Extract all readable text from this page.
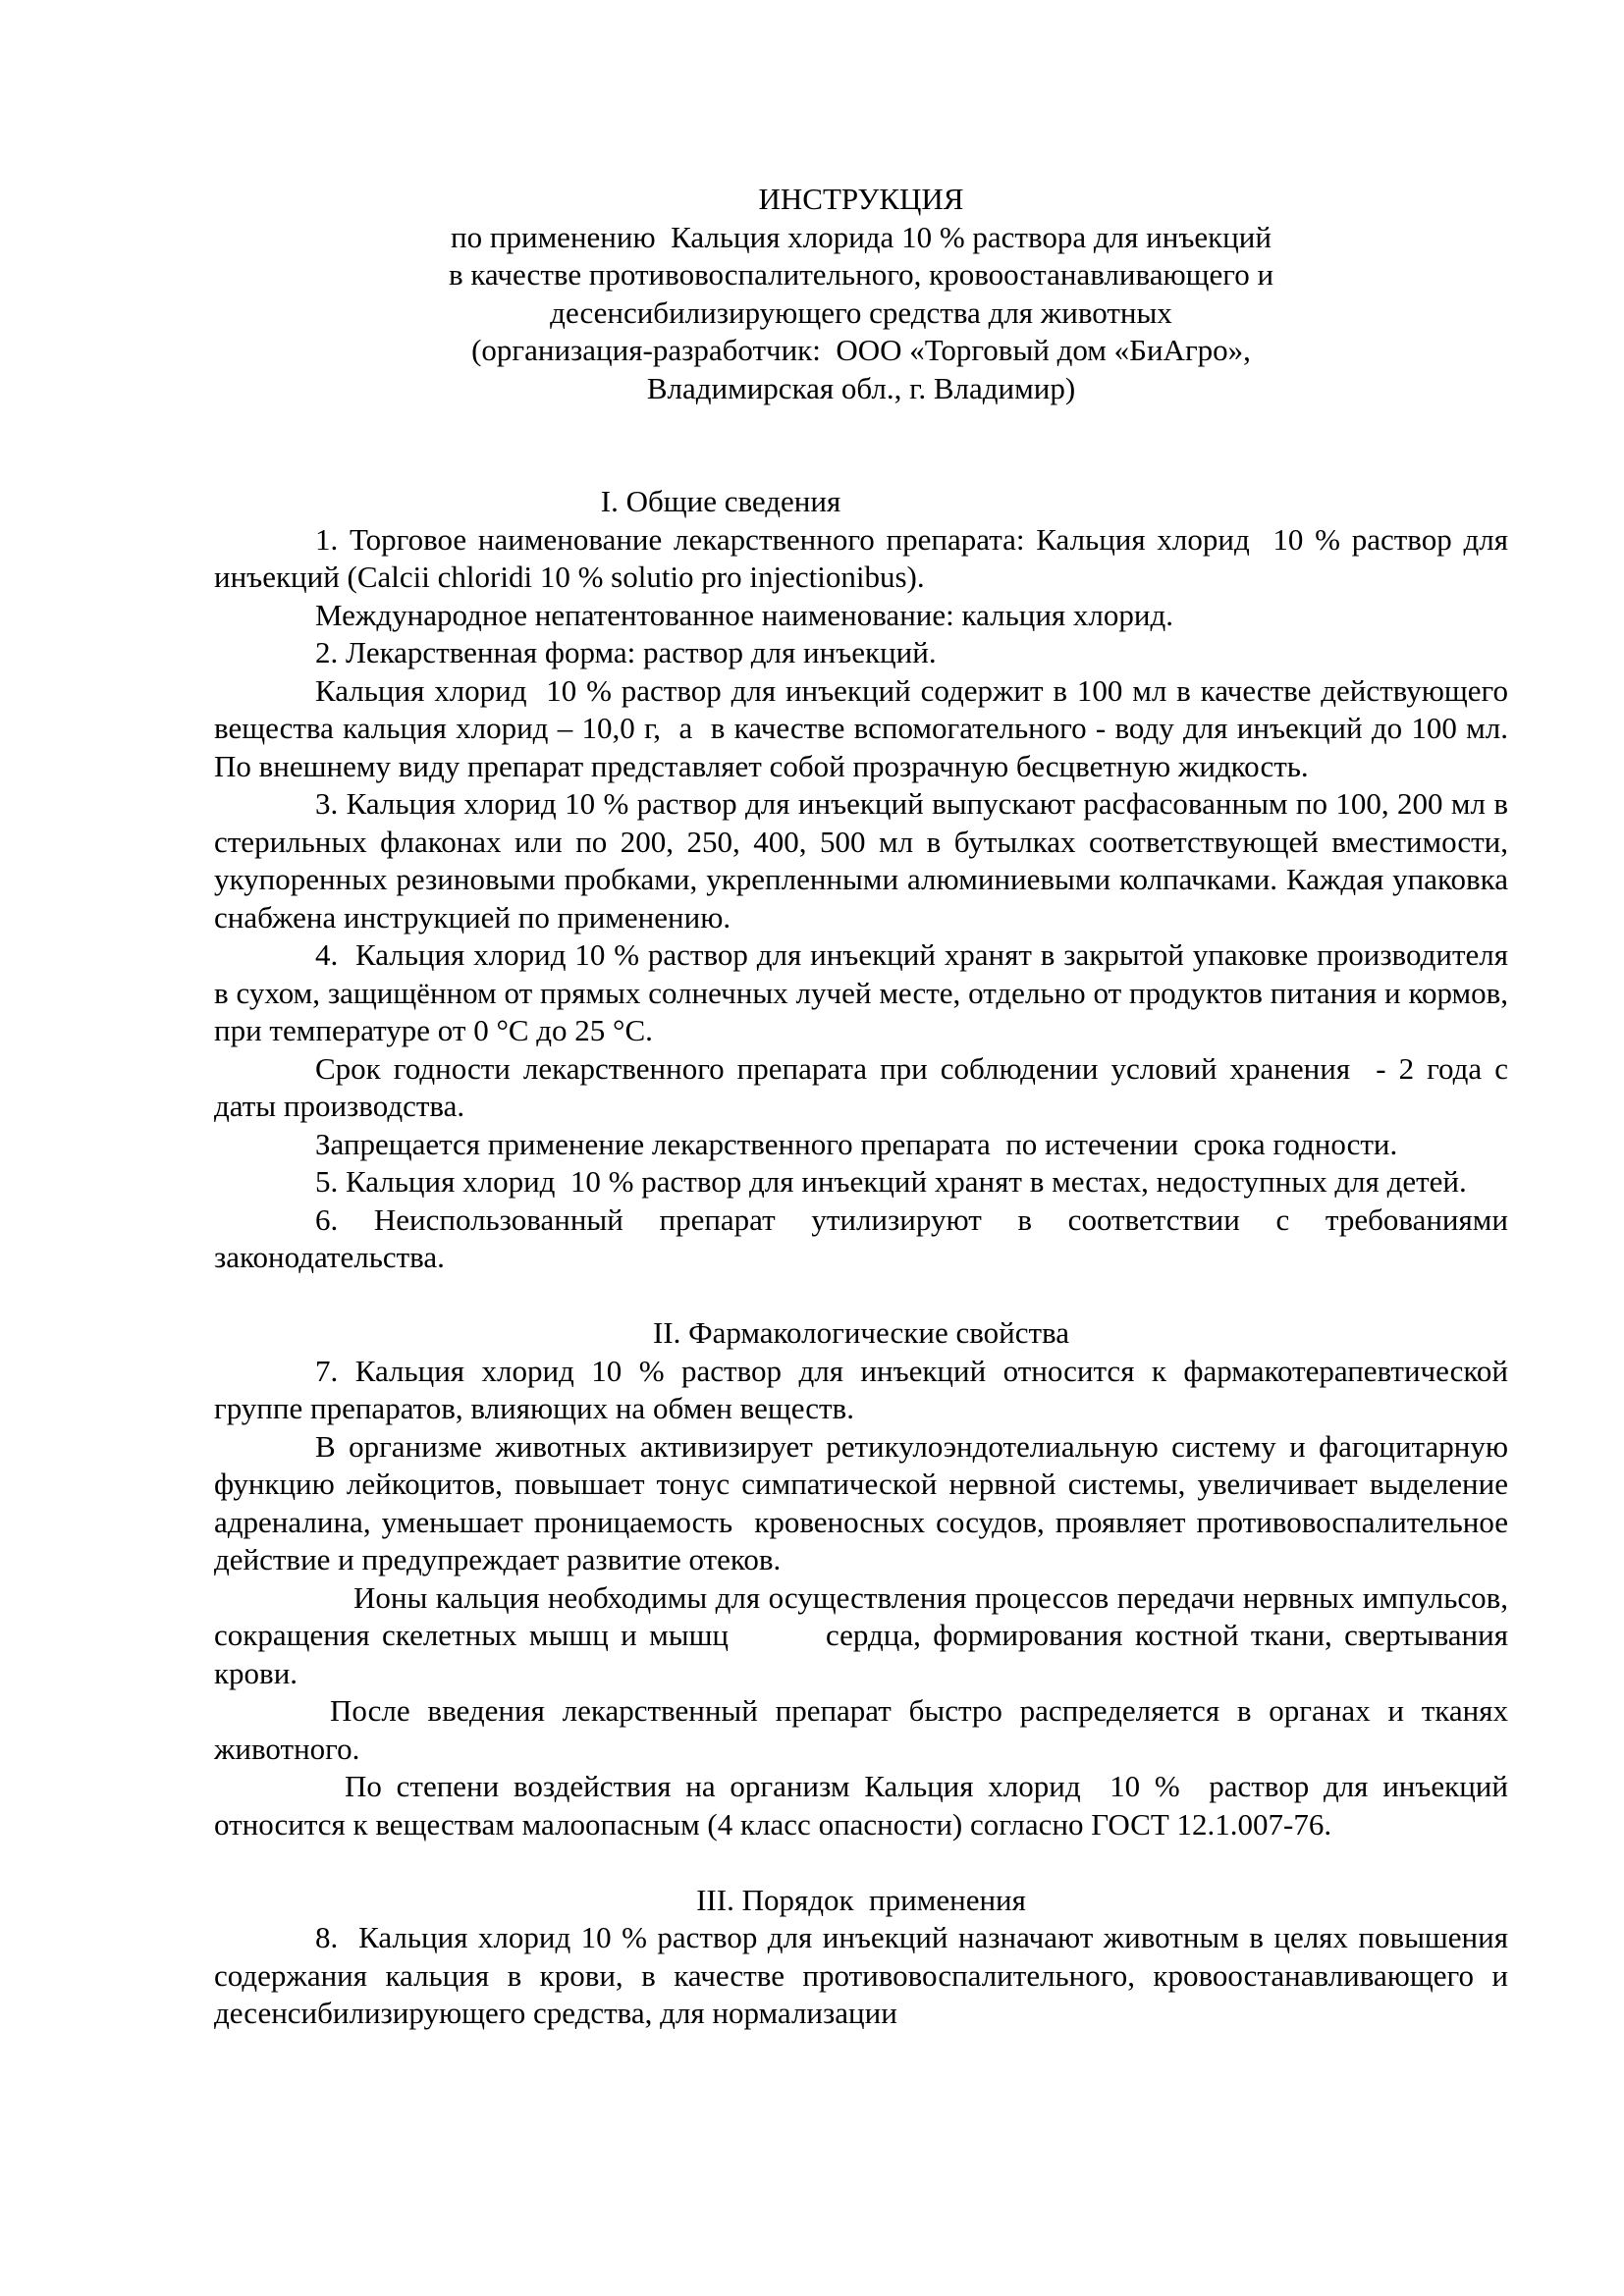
ИНСТРУКЦИЯ
по применению  Кальция хлорида 10 % раствора для инъекций
в качестве противовоспалительного, кровоостанавливающего и
десенсибилизирующего средства для животных
(организация-разработчик:  ООО «Торговый дом «БиАгро»,
Владимирская обл., г. Владимир)
I. Общие сведения
1. Торговое наименование лекарственного препарата: Кальция хлорид  10 % раствор для инъекций (Calcii chloridi 10 % solutio pro injectionibus).
Международное непатентованное наименование: кальция хлорид.
2. Лекарственная форма: раствор для инъекций.
Кальция хлорид  10 % раствор для инъекций содержит в 100 мл в качестве действующего вещества кальция хлорид – 10,0 г,  а  в качестве вспомогательного - воду для инъекций до 100 мл. По внешнему виду препарат представляет собой прозрачную бесцветную жидкость.
3. Кальция хлорид 10 % раствор для инъекций выпускают расфасованным по 100, 200 мл в стерильных флаконах или по 200, 250, 400, 500 мл в бутылках соответствующей вместимости, укупоренных резиновыми пробками, укрепленными алюминиевыми колпачками. Каждая упаковка снабжена инструкцией по применению.
4.  Кальция хлорид 10 % раствор для инъекций хранят в закрытой упаковке производителя в сухом, защищённом от прямых солнечных лучей месте, отдельно от продуктов питания и кормов, при температуре от 0 °С до 25 °С.
Срок годности лекарственного препарата при соблюдении условий хранения  - 2 года с даты производства.
Запрещается применение лекарственного препарата  по истечении  срока годности.
5. Кальция хлорид  10 % раствор для инъекций хранят в местах, недоступных для детей.
6. Неиспользованный препарат утилизируют в соответствии с требованиями законодательства.
II. Фармакологические свойства
7. Кальция хлорид 10 % раствор для инъекций относится к фармакотерапевтической группе препаратов, влияющих на обмен веществ.
В организме животных активизирует ретикулоэндотелиальную систему и фагоцитарную функцию лейкоцитов, повышает тонус симпатической нервной системы, увеличивает выделение адреналина, уменьшает проницаемость  кровеносных сосудов, проявляет противовоспалительное действие и предупреждает развитие отеков.
Ионы кальция необходимы для осуществления процессов передачи нервных импульсов, сокращения скелетных мышц и мышц        сердца, формирования костной ткани, свертывания крови.
После введения лекарственный препарат быстро распределяется в органах и тканях животного.
По степени воздействия на организм Кальция хлорид  10 %  раствор для инъекций относится к веществам малоопасным (4 класс опасности) согласно ГОСТ 12.1.007-76.
III. Порядок  применения
8.  Кальция хлорид 10 % раствор для инъекций назначают животным в целях повышения содержания кальция в крови, в качестве противовоспалительного, кровоостанавливающего и десенсибилизирующего средства, для нормализации
